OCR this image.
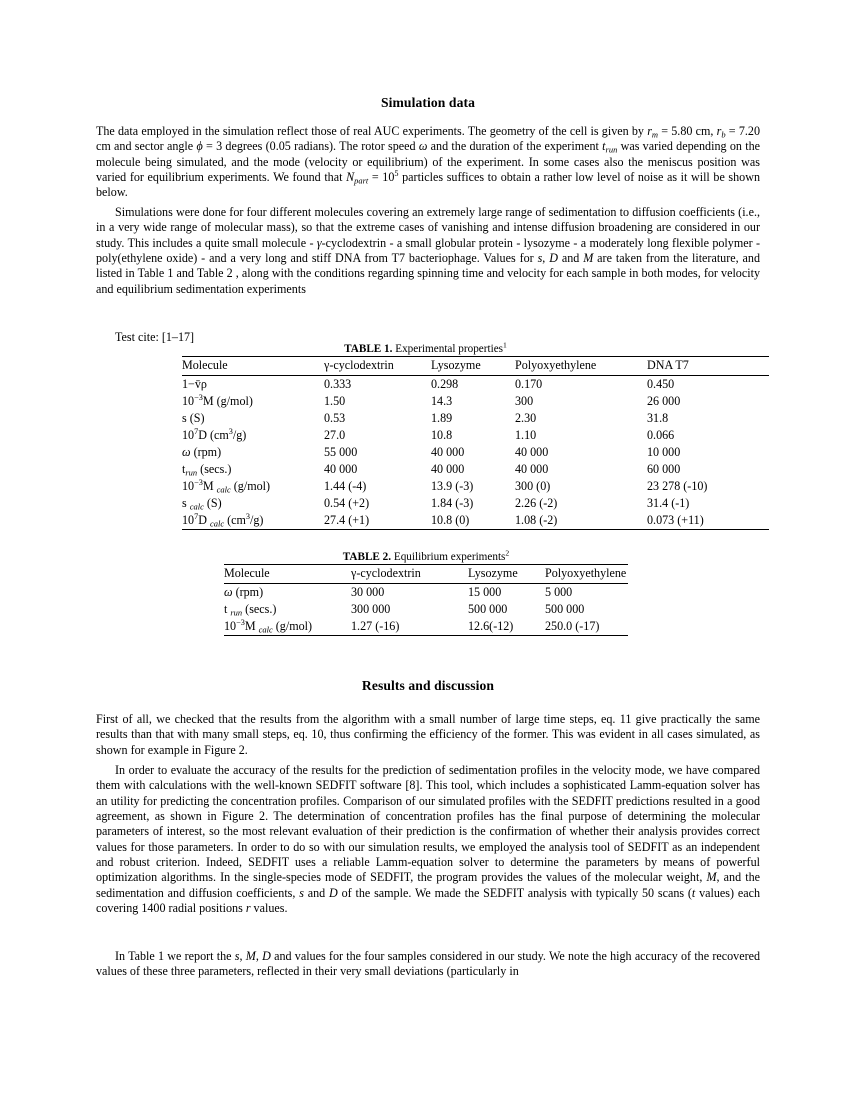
Simulation data

The data employed in the simulation reflect those of real AUC experiments. The geometry of the cell is given by rm = 5.80 cm, rb = 7.20 cm and sector angle ϕ = 3 degrees (0.05 radians). The rotor speed ω and the duration of the experiment trun was varied depending on the molecule being simulated, and the mode (velocity or equilibrium) of the experiment. In some cases also the meniscus position was varied for equilibrium experiments. We found that Npart = $10^5$ particles suffices to obtain a rather low level of noise as it will be shown below.

Simulations were done for four different molecules covering an extremely large range of sedimentation to diffusion coefficients (i.e., in a very wide range of molecular mass), so that the extreme cases of vanishing and intense diffusion broadening are considered in our study. This includes a quite small molecule - γ-cyclodextrin - a small globular protein - lysozyme - a moderately long flexible polymer - poly(ethylene oxide) - and a very long and stiff DNA from T7 bacteriophage. Values for s, D and M are taken from the literature, and listed in Table 1 and Table 2 , along with the conditions regarding spinning time and velocity for each sample in both modes, for velocity and equilibrium sedimentation experiments

Test cite: [1–17]

TABLE 1. Experimental properties$^1$
Molecule	γ-cyclodextrin	Lysozyme	Polyoxyethylene	DNA T7
1−v̄ρ	0.333	0.298	0.170	0.450
$10^{-3}M$ (g/mol)	1.50	14.3	300	26 000
s (S)	0.53	1.89	2.30	31.8
$10^7D$ $(cm^3/g)$	27.0	10.8	1.10	0.066
ω (rpm)	55 000	40 000	40 000	10 000
trun (secs.)	40 000	40 000	40 000	60 000
$10^{-3}M$ calc (g/mol)	1.44 (-4)	13.9 (-3)	300 (0)	23 278 (-10)
s calc (S)	0.54 (+2)	1.84 (-3)	2.26 (-2)	31.4 (-1)
$10^7D$ calc $(cm^3/g)$	27.4 (+1)	10.8 (0)	1.08 (-2)	0.073 (+11)
TABLE 2. Equilibrium experiments$^2$
Molecule	γ-cyclodextrin	Lysozyme	Polyoxyethylene
ω (rpm)	30 000	15 000	5 000
t run (secs.)	300 000	500 000	500 000
$10^{-3}M$ calc (g/mol)	1.27 (-16)	12.6(-12)	250.0 (-17)
Results and discussion

First of all, we checked that the results from the algorithm with a small number of large time steps, eq. 11 give practically the same results than that with many small steps, eq. 10, thus confirming the efficiency of the former. This was evident in all cases simulated, as shown for example in Figure 2.

In order to evaluate the accuracy of the results for the prediction of sedimentation profiles in the velocity mode, we have compared them with calculations with the well-known SEDFIT software [8]. This tool, which includes a sophisticated Lamm-equation solver has an utility for predicting the concentration profiles. Comparison of our simulated profiles with the SEDFIT predictions resulted in a good agreement, as shown in Figure 2. The determination of concentration profiles has the final purpose of determining the molecular parameters of interest, so the most relevant evaluation of their prediction is the confirmation of whether their analysis provides correct values for those parameters. In order to do so with our simulation results, we employed the analysis tool of SEDFIT as an independent and robust criterion. Indeed, SEDFIT uses a reliable Lamm-equation solver to determine the parameters by means of powerful optimization algorithms. In the single-species mode of SEDFIT, the program provides the values of the molecular weight, M, and the sedimentation and diffusion coefficients, s and D of the sample. We made the SEDFIT analysis with typically 50 scans (t values) each covering 1400 radial positions r values.

In Table 1 we report the s, M, D and values for the four samples considered in our study. We note the high accuracy of the recovered values of these three parameters, reflected in their very small deviations (particularly in
